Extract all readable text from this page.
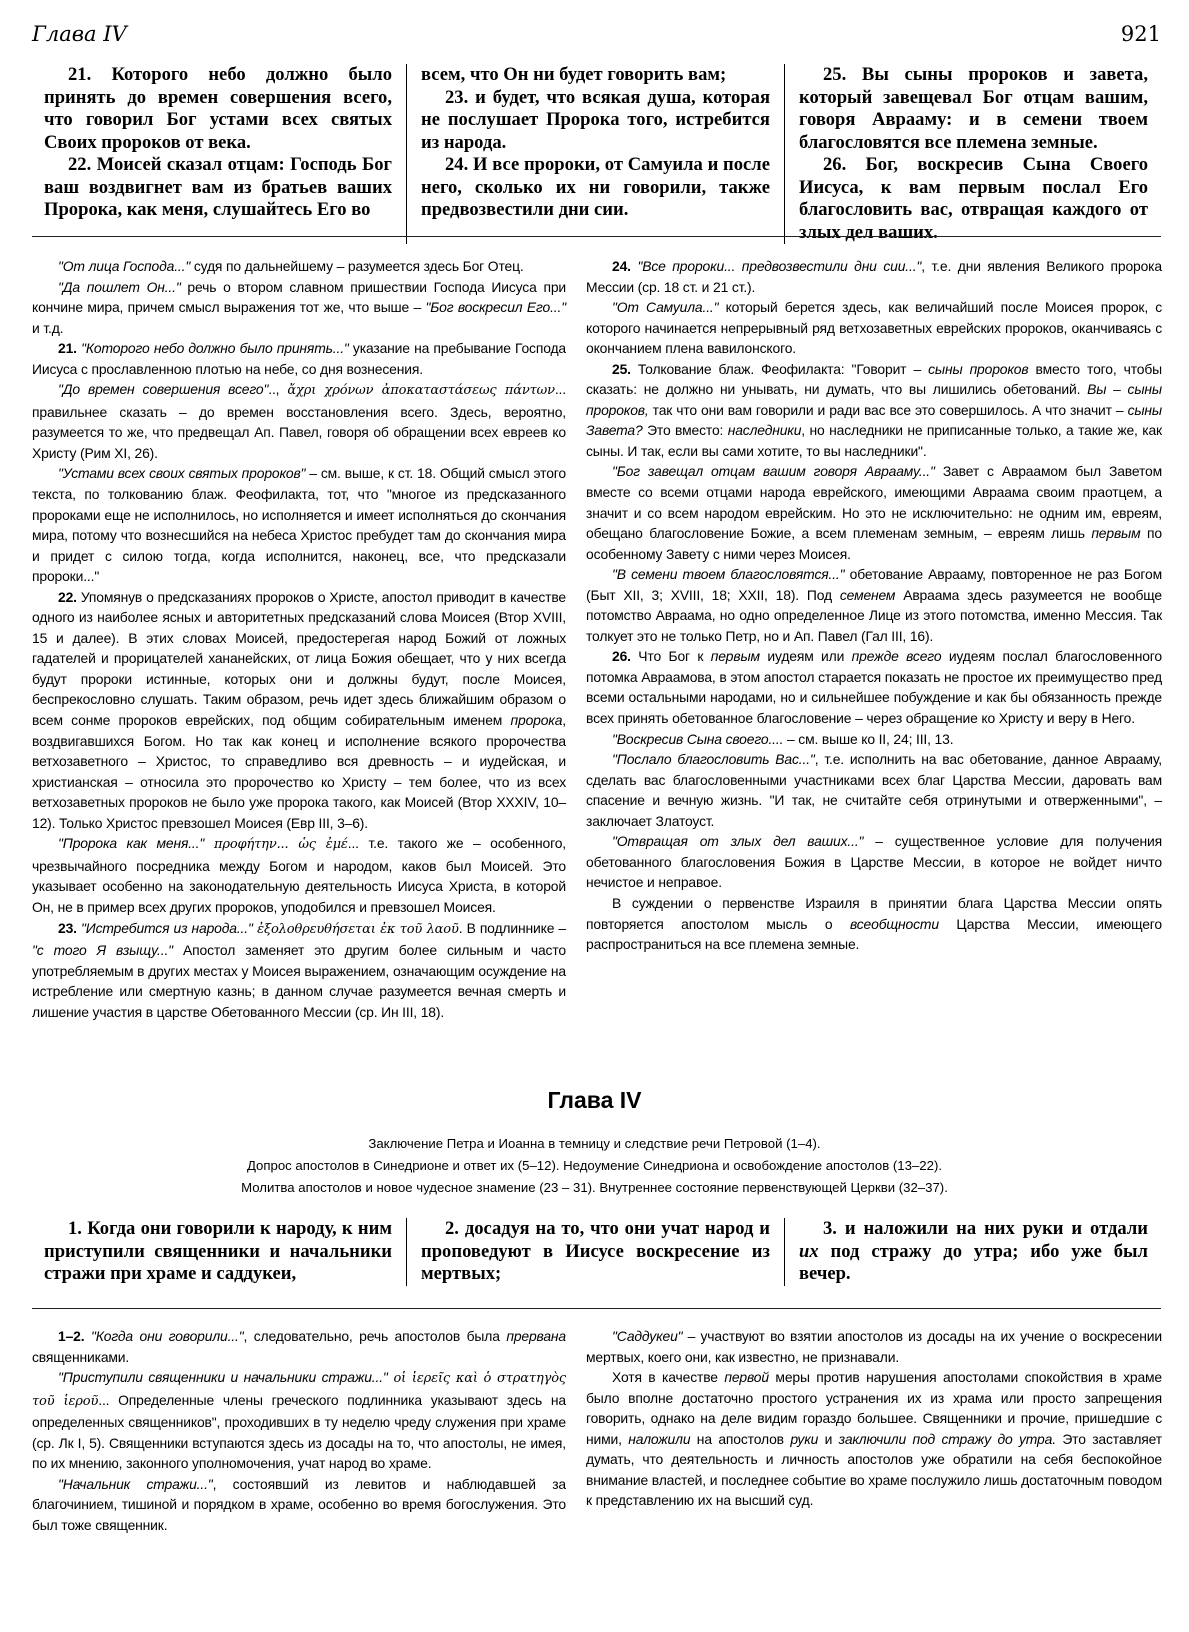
Глава IV	921

21. Которого небо должно было принять до времен совершения всего, что говорил Бог устами всех святых Своих пророков от века.

22. Моисей сказал отцам: Господь Бог ваш воздвигнет вам из братьев ваших Пророка, как меня, слушайтесь Его во

всем, что Он ни будет говорить вам;

23. и будет, что всякая душа, которая не послушает Пророка того, истребится из народа.

24. И все пророки, от Самуила и после него, сколько их ни говорили, также предвозвестили дни сии.

25. Вы сыны пророков и завета, который завещевал Бог отцам вашим, говоря Аврааму: и в семени твоем благословятся все племена земные.

26. Бог, воскресив Сына Своего Иисуса, к вам первым послал Его благословить вас, отвращая каждого от злых дел ваших.

"От лица Господа..." судя по дальнейшему – разумеется здесь Бог Отец.

"Да пошлет Он..." речь о втором славном пришествии Господа Иисуса при кончине мира, причем смысл выражения тот же, что выше – "Бог воскресил Его..." и т.д.

21. "Которого небо должно было принять..." указание на пребывание Господа Иисуса с прославленною плотью на небе, со дня вознесения.

"До времен совершения всего".., ἄχρι χρόνων ἀποκαταστάσεως πάντων... правильнее сказать – до времен восстановления всего. Здесь, вероятно, разумеется то же, что предвещал Ап. Павел, говоря об обращении всех евреев ко Христу (Рим XI, 26).

"Устами всех своих святых пророков" – см. выше, к ст. 18. Общий смысл этого текста, по толкованию блаж. Феофилакта, тот, что "многое из предсказанного пророками еще не исполнилось, но исполняется и имеет исполняться до скончания мира, потому что вознесшийся на небеса Христос пребудет там до скончания мира и придет с силою тогда, когда исполнится, наконец, все, что предсказали пророки..."

22. Упомянув о предсказаниях пророков о Христе, апостол приводит в качестве одного из наиболее ясных и авторитетных предсказаний слова Моисея (Втор XVIII, 15 и далее). В этих словах Моисей, предостерегая народ Божий от ложных гадателей и прорицателей хананейских, от лица Божия обещает, что у них всегда будут пророки истинные, которых они и должны будут, после Моисея, беспрекословно слушать. Таким образом, речь идет здесь ближайшим образом о всем сонме пророков еврейских, под общим собирательным именем пророка, воздвигавшихся Богом. Но так как конец и исполнение всякого пророчества ветхозаветного – Христос, то справедливо вся древность – и иудейская, и христианская – относила это пророчество ко Христу – тем более, что из всех ветхозаветных пророков не было уже пророка такого, как Моисей (Втор XXXIV, 10–12). Только Христос превзошел Моисея (Евр III, 3–6).

"Пророка как меня..." προφήτην... ὡς ἐμέ... т.е. такого же – особенного, чрезвычайного посредника между Богом и народом, каков был Моисей. Это указывает особенно на законодательную деятельность Иисуса Христа, в которой Он, не в пример всех других пророков, уподобился и превзошел Моисея.

23. "Истребится из народа..." ἐξολοθρευθήσεται ἐκ τοῦ λαοῦ. В подлиннике – "с того Я взыщу..." Апостол заменяет это другим более сильным и часто употребляемым в других местах у Моисея выражением, означающим осуждение на истребление или смертную казнь; в данном случае разумеется вечная смерть и лишение участия в царстве Обетованного Мессии (ср. Ин III, 18).

24. "Все пророки... предвозвестили дни сии...", т.е. дни явления Великого пророка Мессии (ср. 18 ст. и 21 ст.).

"От Самуила..." который берется здесь, как величайший после Моисея пророк, с которого начинается непрерывный ряд ветхозаветных еврейских пророков, оканчиваясь с окончанием плена вавилонского.

25. Толкование блаж. Феофилакта: "Говорит – сыны пророков вместо того, чтобы сказать: не должно ни унывать, ни думать, что вы лишились обетований. Вы – сыны пророков, так что они вам говорили и ради вас все это совершилось. А что значит – сыны Завета? Это вместо: наследники, но наследники не приписанные только, а такие же, как сыны. И так, если вы сами хотите, то вы наследники".

"Бог завещал отцам вашим говоря Аврааму..." Завет с Авраамом был Заветом вместе со всеми отцами народа еврейского, имеющими Авраама своим праотцем, а значит и со всем народом еврейским. Но это не исключительно: не одним им, евреям, обещано благословение Божие, а всем племенам земным, – евреям лишь первым по особенному Завету с ними через Моисея.

"В семени твоем благословятся..." обетование Аврааму, повторенное не раз Богом (Быт XII, 3; XVIII, 18; XXII, 18). Под семенем Авраама здесь разумеется не вообще потомство Авраама, но одно определенное Лице из этого потомства, именно Мессия. Так толкует это не только Петр, но и Ап. Павел (Гал III, 16).

26. Что Бог к первым иудеям или прежде всего иудеям послал благословенного потомка Авраамова, в этом апостол старается показать не простое их преимущество пред всеми остальными народами, но и сильнейшее побуждение и как бы обязанность прежде всех принять обетованное благословение – через обращение ко Христу и веру в Него.

"Воскресив Сына своего.... – см. выше ко II, 24; III, 13.

"Послало благословить Вас...", т.е. исполнить на вас обетование, данное Аврааму, сделать вас благословенными участниками всех благ Царства Мессии, даровать вам спасение и вечную жизнь. "И так, не считайте себя отринутыми и отверженными", – заключает Златоуст.

"Отвращая от злых дел ваших..." – существенное условие для получения обетованного благословения Божия в Царстве Мессии, в которое не войдет ничто нечистое и неправое.

В суждении о первенстве Израиля в принятии блага Царства Мессии опять повторяется апостолом мысль о всеобщности Царства Мессии, имеющего распространиться на все племена земные.

Глава IV
Заключение Петра и Иоанна в темницу и следствие речи Петровой (1–4).
Допрос апостолов в Синедрионе и ответ их (5–12). Недоумение Синедриона и освобождение апостолов (13–22).
Молитва апостолов и новое чудесное знамение (23 – 31). Внутреннее состояние первенствующей Церкви (32–37).

1. Когда они говорили к народу, к ним приступили священники и начальники стражи при храме и саддукеи,

2. досадуя на то, что они учат народ и проповедуют в Иисусе воскресение из мертвых;

3. и наложили на них руки и отдали их под стражу до утра; ибо уже был вечер.

1–2. "Когда они говорили...", следовательно, речь апостолов была прервана священниками.

"Приступили священники и начальники стражи..." οἱ ἱερεῖς καὶ ὁ στρατηγὸς τοῦ ἱεροῦ... Определенные члены греческого подлинника указывают здесь на определенных священников", проходивших в ту неделю чреду служения при храме (ср. Лк I, 5). Священники вступаются здесь из досады на то, что апостолы, не имея, по их мнению, законного уполномочения, учат народ во храме.

"Начальник стражи...", состоявший из левитов и наблюдавшей за благочинием, тишиной и порядком в храме, особенно во время богослужения. Это был тоже священник.

"Саддукеи" – участвуют во взятии апостолов из досады на их учение о воскресении мертвых, коего они, как известно, не признавали.

Хотя в качестве первой меры против нарушения апостолами спокойствия в храме было вполне достаточно простого устранения их из храма или просто запрещения говорить, однако на деле видим гораздо большее. Священники и прочие, пришедшие с ними, наложили на апостолов руки и заключили под стражу до утра. Это заставляет думать, что деятельность и личность апостолов уже обратили на себя беспокойное внимание властей, и последнее событие во храме послужило лишь достаточным поводом к представлению их на высший суд.
